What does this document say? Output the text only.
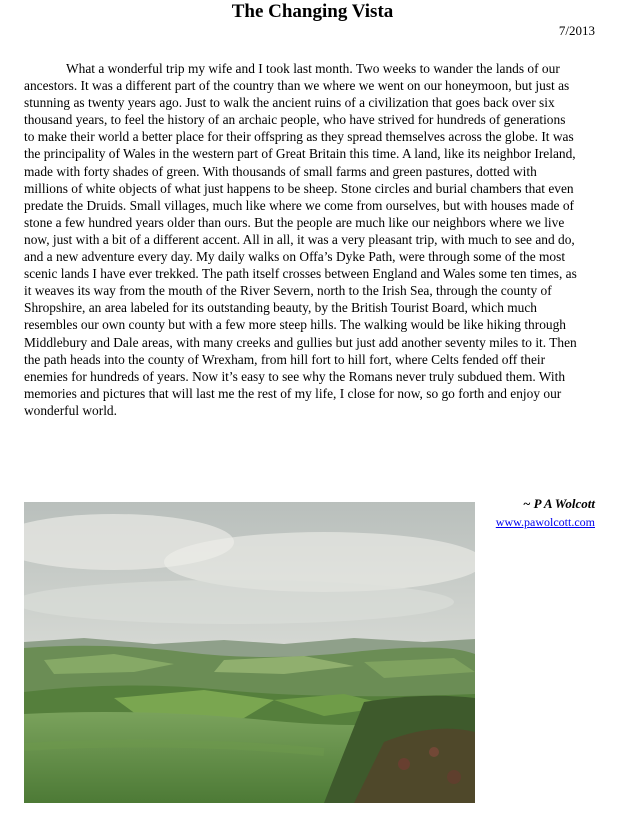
The Changing Vista
7/2013

What a wonderful trip my wife and I took last month. Two weeks to wander the lands of our ancestors. It was a different part of the country than we where we went on our honeymoon, but just as stunning as twenty years ago. Just to walk the ancient ruins of a civilization that goes back over six thousand years, to feel the history of an archaic people, who have strived for hundreds of generations to make their world a better place for their offspring as they spread themselves across the globe. It was the principality of Wales in the western part of Great Britain this time. A land, like its neighbor Ireland, made with forty shades of green. With thousands of small farms and green pastures, dotted with millions of white objects of what just happens to be sheep. Stone circles and burial chambers that even predate the Druids. Small villages, much like where we come from ourselves, but with houses made of stone a few hundred years older than ours. But the people are much like our neighbors where we live now, just with a bit of a different accent. All in all, it was a very pleasant trip, with much to see and do, and a new adventure every day. My daily walks on Offa’s Dyke Path, were through some of the most scenic lands I have ever trekked. The path itself crosses between England and Wales some ten times, as it weaves its way from the mouth of the River Severn, north to the Irish Sea, through the county of Shropshire, an area labeled for its outstanding beauty, by the British Tourist Board, which much resembles our own county but with a few more steep hills. The walking would be like hiking through Middlebury and Dale areas, with many creeks and gullies but just add another seventy miles to it. Then the path heads into the county of Wrexham, from hill fort to hill fort, where Celts fended off their enemies for hundreds of years. Now it’s easy to see why the Romans never truly subdued them. With memories and pictures that will last me the rest of my life, I close for now, so go forth and enjoy our wonderful world.

~ P A Wolcott
www.pawolcott.com
